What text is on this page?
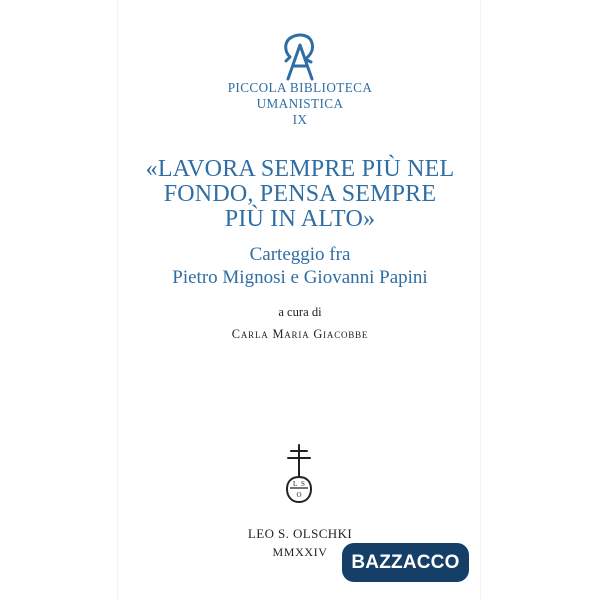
PICCOLA BIBLIOTECA
UMANISTICA
IX
«LAVORA SEMPRE PIÙ NEL
FONDO, PENSA SEMPRE
PIÙ IN ALTO»
Carteggio fra
Pietro Mignosi e Giovanni Papini
a cura di
Carla Maria Giacobbe
L S
O
LEO S. OLSCHKI
MMXXIV	BAZZACCO
